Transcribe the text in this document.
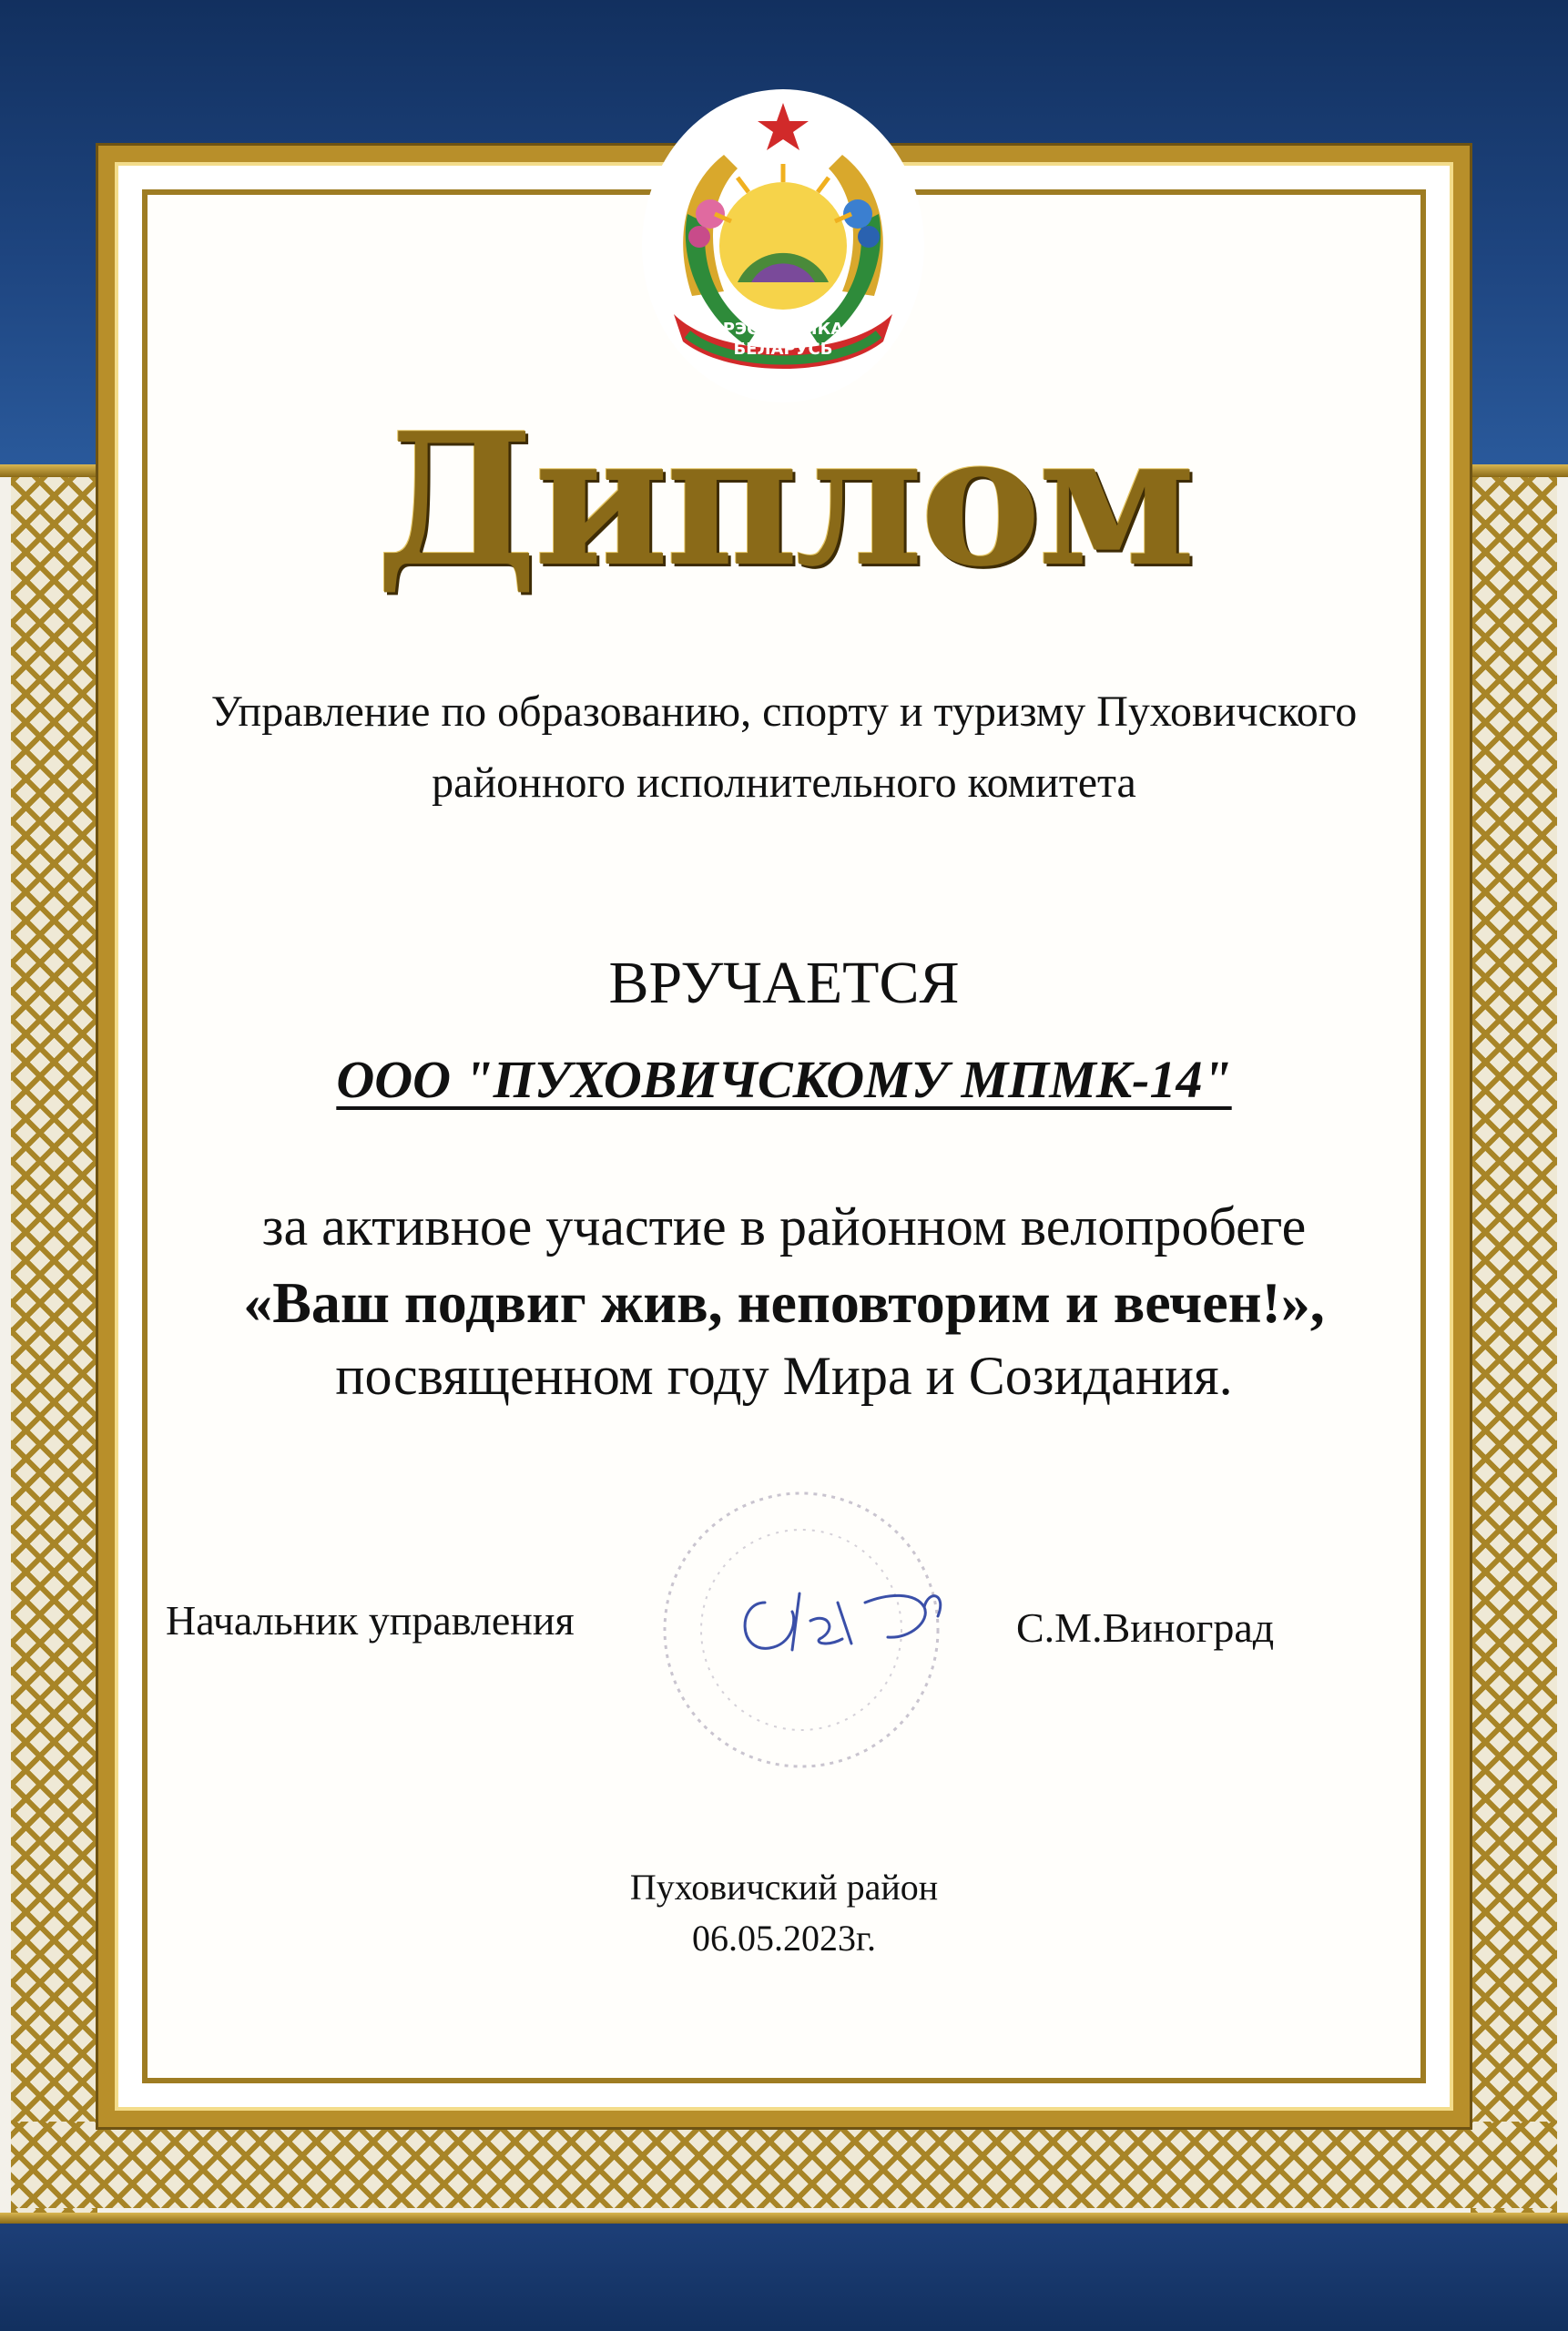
РЭСПУБЛІКА
БЕЛАРУСЬ
Диплом
Управление по образованию, спорту и туризму Пуховичского
районного исполнительного комитета
ВРУЧАЕТСЯ
ООО "ПУХОВИЧСКОМУ МПМК-14"
за активное участие в районном велопробеге
«Ваш подвиг жив, неповторим и вечен!»,
посвященном году Мира и Созидания.
Начальник управления	С.М.Виноград
Пуховичский район
06.05.2023г.
